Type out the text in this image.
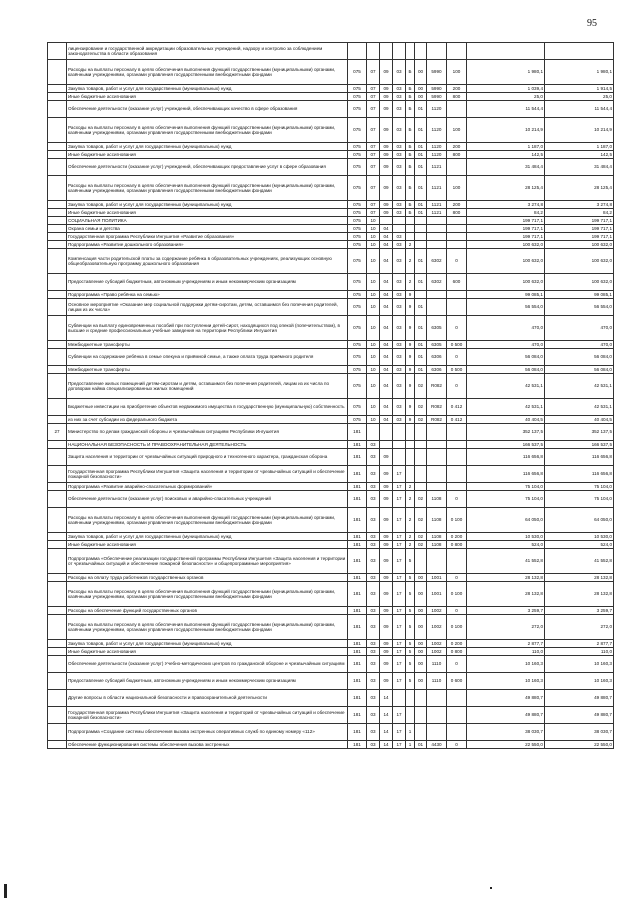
95
	лицензирование и государственной аккредитации образовательных учреждений, надзору и контролю за соблюдением законодательства в области образования										
	Расходы на выплаты персоналу в целях обеспечения выполнения функций государственными (муниципальными) органами, казёнными учреждениями, органами управления государственными внебюджетными фондами	075	07	09	03	Б	00	5990	100	1 980,1	1 980,1
	Закупка товаров, работ и услуг для государственных (муниципальных) нужд	075	07	09	03	Б	00	5990	200	1 039,4	1 914,5
	Иные бюджетные ассигнования	075	07	09	03	Б	00	5990	800	25,0	25,0
	Обеспечение деятельности (оказание услуг) учреждений, обеспечивающих качество в сфере образования	075	07	09	03	Б	01	1120		11 544,4	11 544,4
	Расходы на выплаты персоналу в целях обеспечения выполнения функций государственными (муниципальными) органами, казёнными учреждениями, органами управления государственными внебюджетными фондами	075	07	09	03	Б	01	1120	100	10 214,9	10 214,9
	Закупка товаров, работ и услуг для государственных (муниципальных) нужд	075	07	09	03	Б	01	1120	200	1 187,0	1 187,0
	Иные бюджетные ассигнования	075	07	09	03	Б	01	1120	800	142,5	142,5
	Обеспечение деятельности (оказание услуг) учреждений, обеспечивающих предоставление услуг в сфере образования	075	07	09	03	Б	01	1121		31 484,4	31 484,4
	Расходы на выплаты персоналу в целях обеспечения выполнения функций государственными (муниципальными) органами, казёнными учреждениями, органами управления государственными внебюджетными фондами	075	07	09	03	Б	01	1121	100	28 125,4	28 125,4
	Закупка товаров, работ и услуг для государственных (муниципальных) нужд	075	07	09	03	Б	01	1121	200	3 274,8	3 274,8
	Иные бюджетные ассигнования	075	07	09	03	Б	01	1121	800	84,2	84,2
	СОЦИАЛЬНАЯ ПОЛИТИКА	075	10							199 717,1	199 717,1
	Охрана семьи и детства	075	10	04						199 717,1	199 717,1
	Государственная программа Республики Ингушетия «Развитие образования»	075	10	04	03					199 717,1	199 717,1
	Подпрограмма «Развитие дошкольного образования»	075	10	04	03	2				100 632,0	100 632,0
	Компенсация части родительской платы за содержание ребёнка в образовательных учреждениях, реализующих основную общеобразовательную программу дошкольного образования	075	10	04	03	2	01	6302	0	100 632,0	100 632,0
	Предоставление субсидий бюджетным, автономным учреждениям и иным некоммерческим организациям	075	10	04	03	2	01	6302	600	100 632,0	100 632,0
	Подпрограмма «Право ребёнка на семью»	075	10	04	03	9				99 085,1	99 085,1
	Основное мероприятие «Оказание мер социальной поддержки детям-сиротам, детям, оставшимся без попечения родителей, лицам из их числа»	075	10	04	03	9	01			56 554,0	56 554,0
	Субвенции на выплату единовременных пособий при поступлении детей-сирот, находящихся под опекой (попечительством), в высшие и средние профессиональные учебные заведения на территории Республики Ингушетия	075	10	04	03	9	01	6305	0	470,0	470,0
	Межбюджетные трансферты	075	10	04	03	9	01	6305	0 500	470,0	470,0
	Субвенции на содержание ребёнка в семье опекуна и приёмной семье, а также оплата труда приёмного родителя	075	10	04	03	9	01	6306	0	56 084,0	56 084,0
	Межбюджетные трансферты	075	10	04	03	9	01	6306	0 500	56 084,0	56 084,0
	Предоставление жилых помещений детям-сиротам и детям, оставшимся без попечения родителей, лицам из их числа по договорам найма специализированных жилых помещений	075	10	04	03	9	02	R082	0	42 531,1	42 531,1
	Бюджетные инвестиции на приобретение объектов недвижимого имущества в государственную (муниципальную) собственность	075	10	04	03	9	02	R082	0 412	42 531,1	42 531,1
	из них за счет субсидии из федерального бюджета	075	10	04	03	9	02	R082	0 412	40 404,5	40 404,5
27	Министерство по делам гражданской обороны и чрезвычайным ситуациям Республики Ингушетия	181								352 137,5	352 137,5
	НАЦИОНАЛЬНАЯ БЕЗОПАСНОСТЬ И ПРАВООХРАНИТЕЛЬНАЯ ДЕЯТЕЛЬНОСТЬ	181	03							166 537,5	166 537,5
	Защита населения и территории от чрезвычайных ситуаций природного и техногенного характера, гражданская оборона	181	03	09						116 656,8	116 656,8
	Государственная программа Республики Ингушетия «Защита населения и территории от чрезвычайных ситуаций и обеспечение пожарной безопасности»	181	03	09	17					116 656,8	116 656,8
	Подпрограмма «Развитие аварийно-спасательных формирований»	181	03	09	17	2				75 104,0	75 104,0
	Обеспечение деятельности (оказание услуг) поисковых и аварийно-спасательных учреждений	181	03	09	17	2	02	1108	0	75 104,0	75 104,0
	Расходы на выплаты персоналу в целях обеспечения выполнения функций государственными (муниципальными) органами, казёнными учреждениями, органами управления государственными внебюджетными фондами	181	03	09	17	2	02	1108	0 100	64 050,0	64 050,0
	Закупка товаров, работ и услуг для государственных (муниципальных) нужд	181	03	09	17	2	02	1108	0 200	10 530,0	10 530,0
	Иные бюджетные ассигнования	181	03	09	17	2	02	1108	0 800	524,0	524,0
	Подпрограмма «Обеспечение реализации государственной программы Республики Ингушетия «Защита населения и территории от чрезвычайных ситуаций и обеспечение пожарной безопасности» и общепрограммные мероприятия»	181	03	09	17	5				41 552,8	41 552,8
	Расходы на оплату труда работников государственных органов	181	03	09	17	5	00	1001	0	28 132,8	28 132,8
	Расходы на выплаты персоналу в целях обеспечения выполнения функций государственными (муниципальными) органами, казёнными учреждениями, органами управления государственными внебюджетными фондами	181	03	09	17	5	00	1001	0 100	28 132,8	28 132,8
	Расходы на обеспечение функций государственных органов	181	03	09	17	5	00	1002	0	3 259,7	3 259,7
	Расходы на выплаты персоналу в целях обеспечения выполнения функций государственными (муниципальными) органами, казёнными учреждениями, органами управления государственными внебюджетными фондами	181	03	09	17	5	00	1002	0 100	272,0	272,0
	Закупка товаров, работ и услуг для государственных (муниципальных) нужд	181	03	09	17	5	00	1002	0 200	2 877,7	2 877,7
	Иные бюджетные ассигнования	181	03	09	17	5	00	1002	0 800	110,0	110,0
	Обеспечение деятельности (оказание услуг) Учебно-методических центров по гражданской обороне и чрезвычайным ситуациям	181	03	09	17	5	00	1110	0	10 160,3	10 160,3
	Предоставление субсидий бюджетным, автономным учреждениям и иным некоммерческим организациям	181	03	09	17	5	00	1110	0 600	10 160,3	10 160,3
	Другие вопросы в области национальной безопасности и правоохранительной деятельности	181	03	14						49 880,7	49 880,7
	Государственная программа Республики Ингушетия «Защита населения и территорий от чрезвычайных ситуаций и обеспечение пожарной безопасности»	181	03	14	17					49 880,7	49 880,7
	Подпрограмма «Создание системы обеспечения вызова экстренных оперативных служб по единому номеру «112»	181	03	14	17	1				38 030,7	38 030,7
	Обеспечение функционирования системы обеспечения вызова экстренных	181	03	14	17	1	01	4430	0	22 550,0	22 550,0
